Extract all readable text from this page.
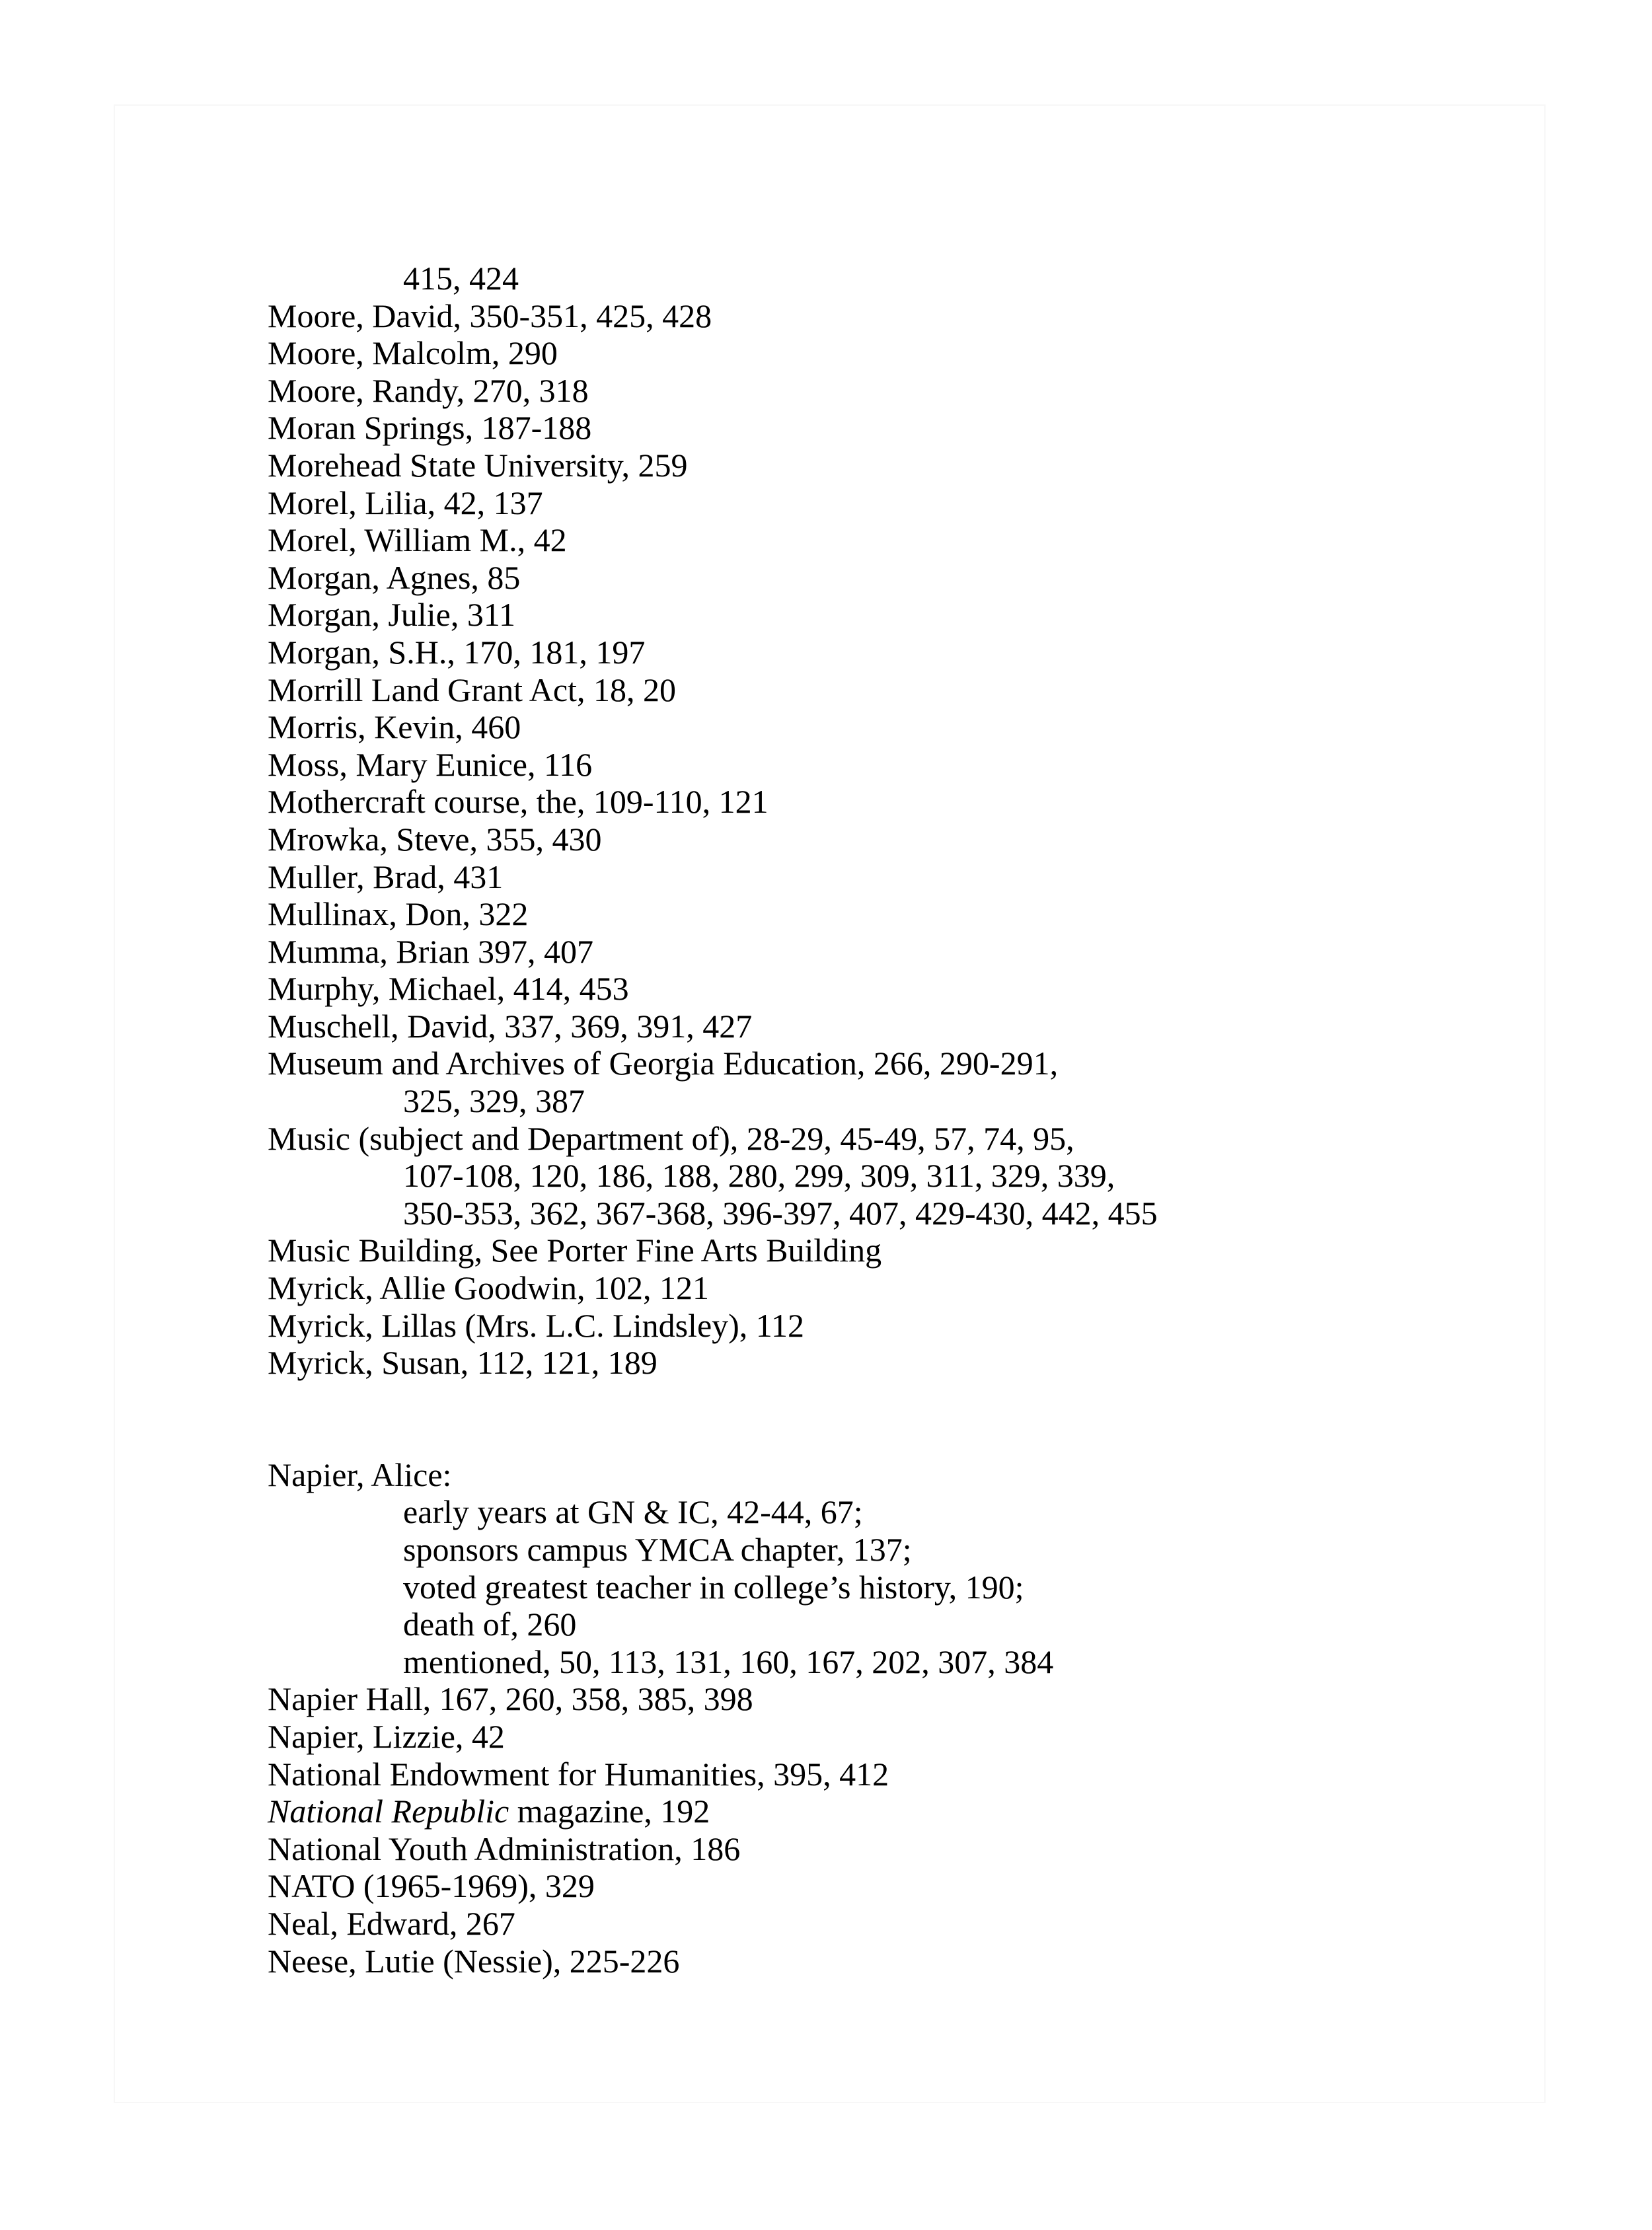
415, 424
Moore, David, 350-351, 425, 428
Moore, Malcolm, 290
Moore, Randy, 270, 318
Moran Springs, 187-188
Morehead State University, 259
Morel, Lilia, 42, 137
Morel, William M., 42
Morgan, Agnes, 85
Morgan, Julie, 311
Morgan, S.H., 170, 181, 197
Morrill Land Grant Act, 18, 20
Morris, Kevin, 460
Moss, Mary Eunice, 116
Mothercraft course, the, 109-110, 121
Mrowka, Steve, 355, 430
Muller, Brad, 431
Mullinax, Don, 322
Mumma, Brian 397, 407
Murphy, Michael, 414, 453
Muschell, David, 337, 369, 391, 427
Museum and Archives of Georgia Education, 266, 290-291,
325, 329, 387
Music (subject and Department of), 28-29, 45-49, 57, 74, 95,
107-108, 120, 186, 188, 280, 299, 309, 311, 329, 339,
350-353, 362, 367-368, 396-397, 407, 429-430, 442, 455
Music Building, See Porter Fine Arts Building
Myrick, Allie Goodwin, 102, 121
Myrick, Lillas (Mrs. L.C. Lindsley), 112
Myrick, Susan, 112, 121, 189
Napier, Alice:
early years at GN & IC, 42-44, 67;
sponsors campus YMCA chapter, 137;
voted greatest teacher in college’s history, 190;
death of, 260
mentioned, 50, 113, 131, 160, 167, 202, 307, 384
Napier Hall, 167, 260, 358, 385, 398
Napier, Lizzie, 42
National Endowment for Humanities, 395, 412
National Republic magazine, 192
National Youth Administration, 186
NATO (1965-1969), 329
Neal, Edward, 267
Neese, Lutie (Nessie), 225-226
